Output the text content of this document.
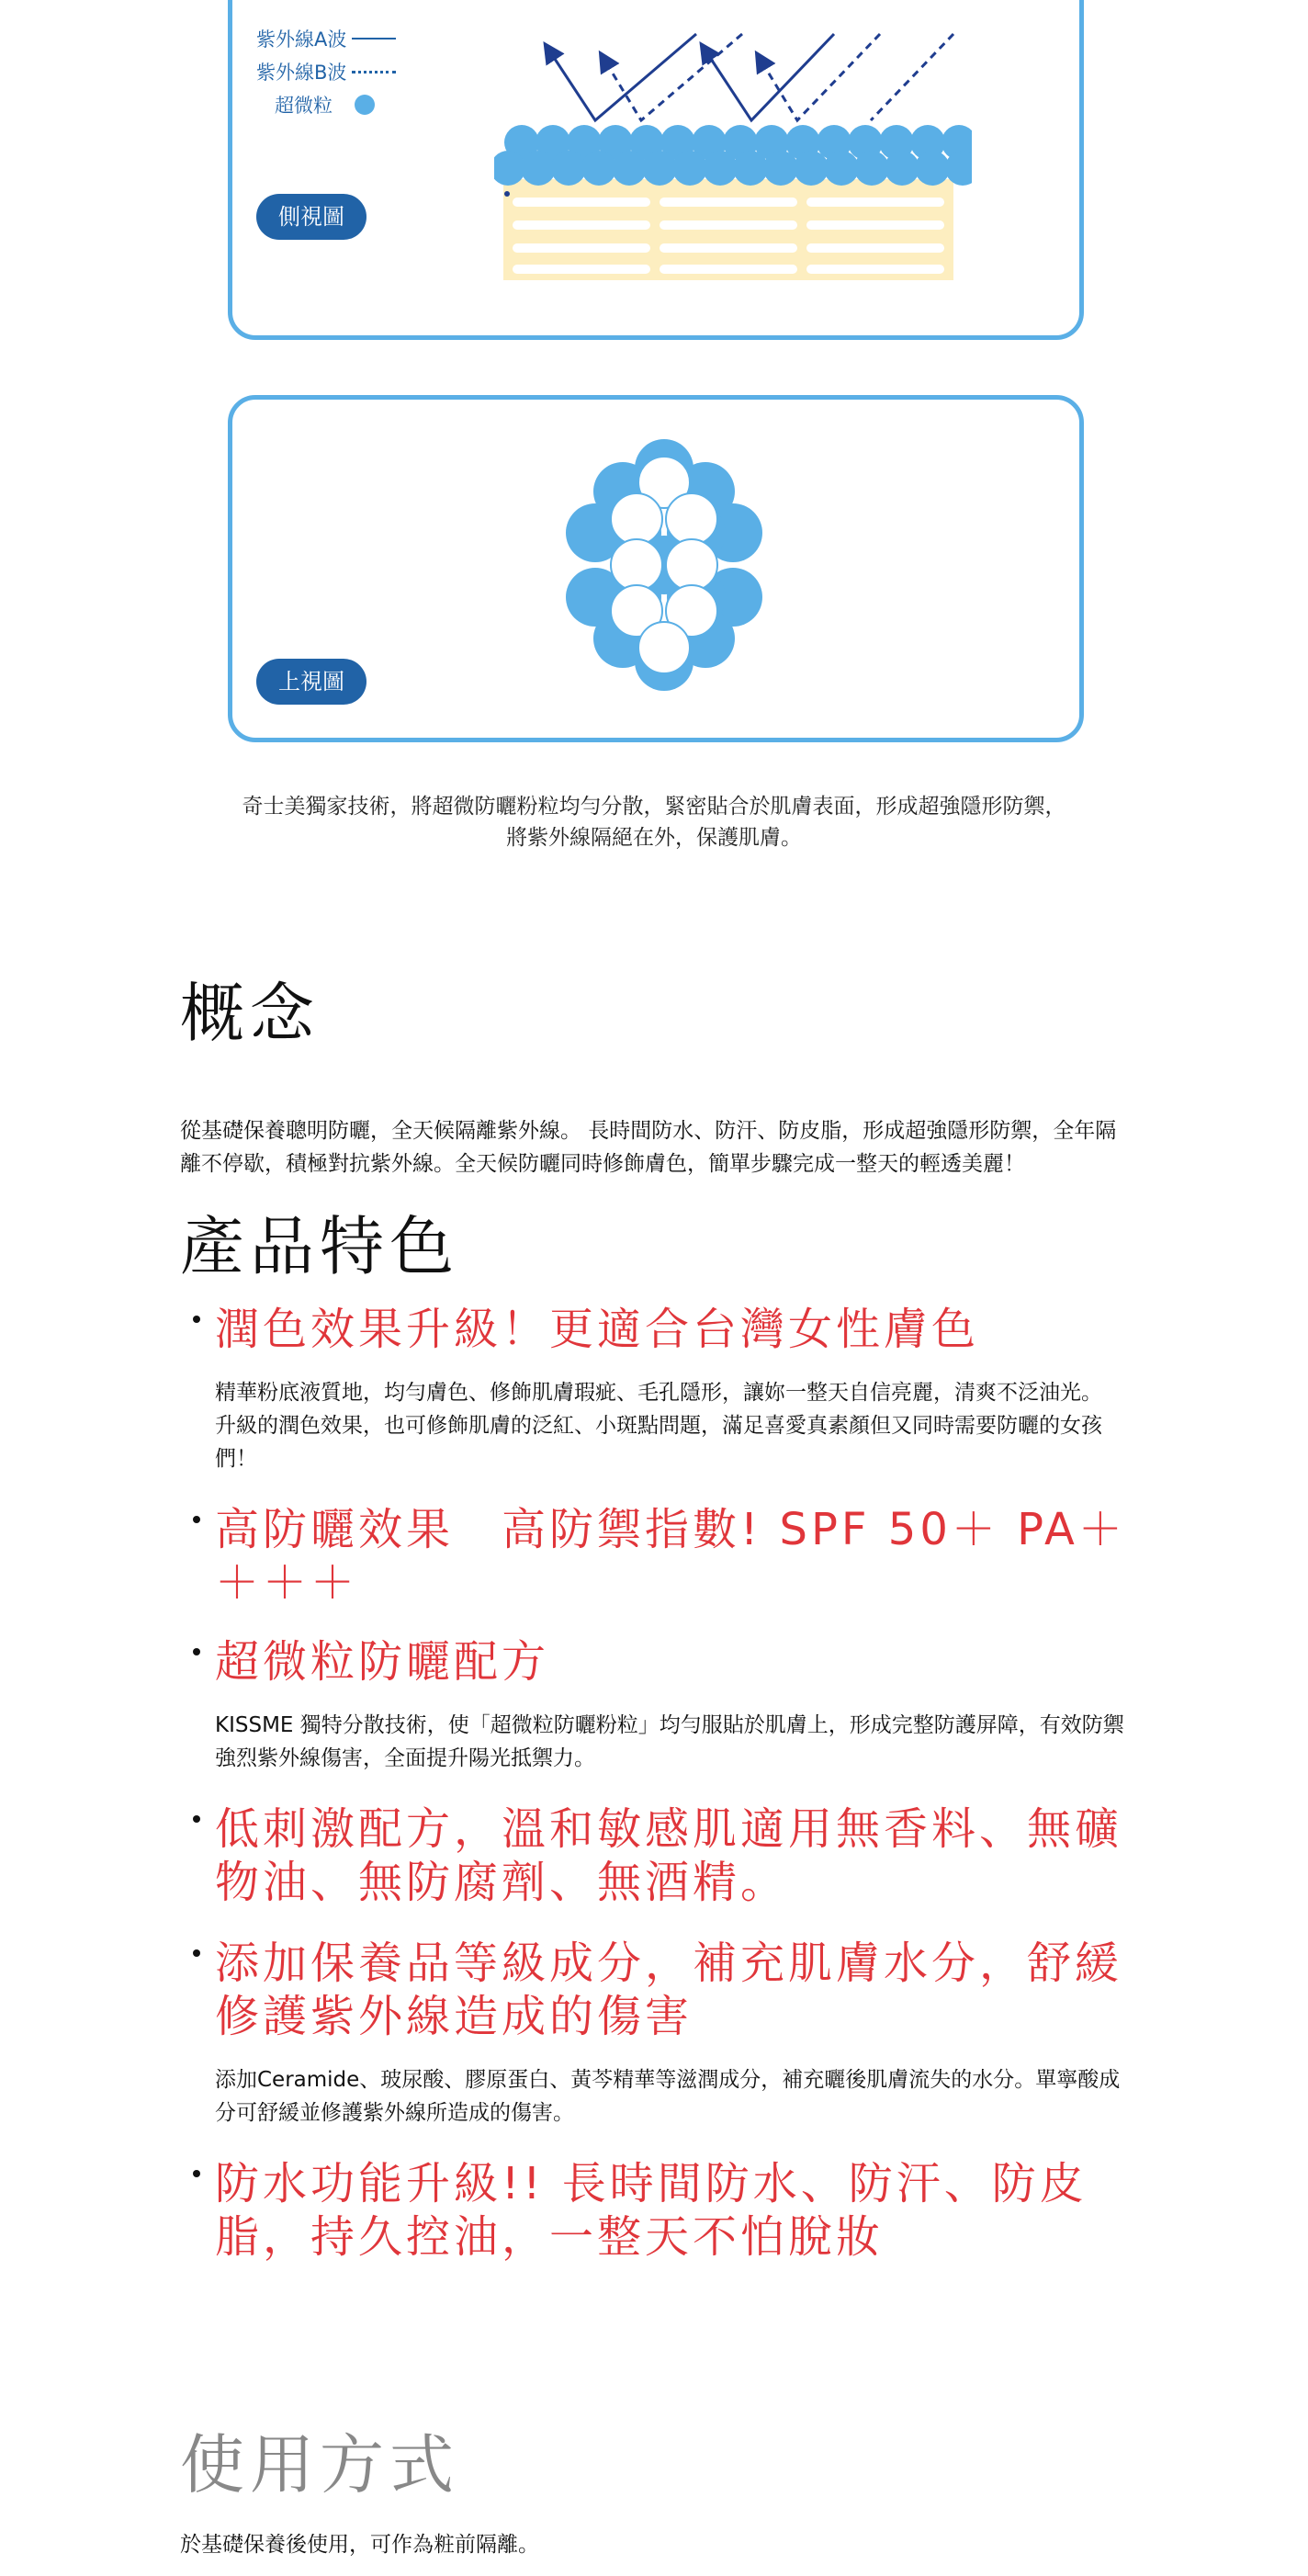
紫外線A波
紫外線B波
超微粒
側視圖
上視圖

奇士美獨家技術，將超微防曬粉粒均勻分散，緊密貼合於肌膚表面，形成超強隱形防禦，將紫外線隔絕在外，保護肌膚。

概念

從基礎保養聰明防曬，全天候隔離紫外線。 長時間防水、防汗、防皮脂，形成超強隱形防禦，全年隔離不停歇，積極對抗紫外線。全天候防曬同時修飾膚色，簡單步驟完成一整天的輕透美麗！

產品特色
潤色效果升級！更適合台灣女性膚色

精華粉底液質地，均勻膚色、修飾肌膚瑕疵、毛孔隱形，讓妳一整天自信亮麗，清爽不泛油光。

升級的潤色效果，也可修飾肌膚的泛紅、小斑點問題，滿足喜愛真素顏但又同時需要防曬的女孩們！

高防曬效果　高防禦指數! SPF 50＋ PA＋＋＋＋
超微粒防曬配方

KISSME 獨特分散技術，使「超微粒防曬粉粒」均勻服貼於肌膚上，形成完整防護屏障，有效防禦強烈紫外線傷害，全面提升陽光抵禦力。

低刺激配方，溫和敏感肌適用無香料、無礦物油、無防腐劑、無酒精。
添加保養品等級成分，補充肌膚水分，舒緩修護紫外線造成的傷害

添加Ceramide、玻尿酸、膠原蛋白、黃芩精華等滋潤成分，補充曬後肌膚流失的水分。單寧酸成分可舒緩並修護紫外線所造成的傷害。

防水功能升級!! 長時間防水、防汗、防皮脂，持久控油，一整天不怕脫妝
使用方式

於基礎保養後使用，可作為粧前隔離。
